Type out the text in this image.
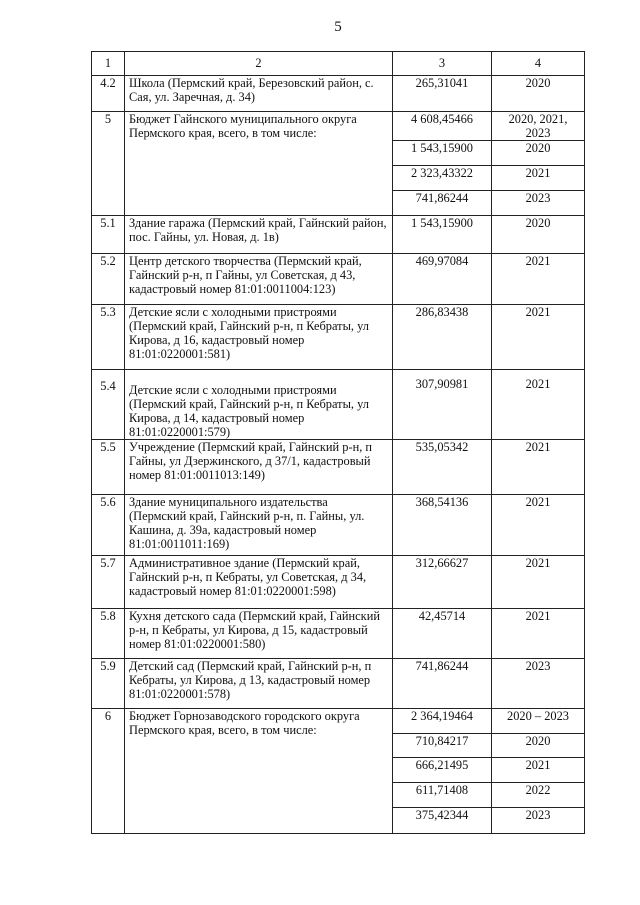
5
1	2	3	4
4.2	Школа (Пермский край, Березовский район, с. Сая, ул. Заречная, д. 34)	265,31041	2020
5	Бюджет Гайнского муниципального округа Пермского края, всего, в том числе:	4 608,45466	2020, 2021, 2023
		1 543,15900	2020
		2 323,43322	2021
		741,86244	2023
5.1	Здание гаража (Пермский край, Гайнский район, пос. Гайны, ул. Новая, д. 1в)	1 543,15900	2020
5.2	Центр детского творчества (Пермский край, Гайнский р-н, п Гайны, ул Советская, д 43, кадастровый номер 81:01:0011004:123)	469,97084	2021
5.3	Детские ясли с холодными пристроями (Пермский край, Гайнский р-н, п Кебраты, ул Кирова, д 16, кадастровый номер 81:01:0220001:581)	286,83438	2021
5.4	Детские ясли с холодными пристроями (Пермский край, Гайнский р-н, п Кебраты, ул Кирова, д 14, кадастровый номер 81:01:0220001:579)	307,90981	2021
5.5	Учреждение (Пермский край, Гайнский р-н, п Гайны, ул Дзержинского, д 37/1, кадастровый номер 81:01:0011013:149)	535,05342	2021
5.6	Здание муниципального издательства (Пермский край, Гайнский р-н, п. Гайны, ул. Кашина, д. 39а, кадастровый номер 81:01:0011011:169)	368,54136	2021
5.7	Административное здание (Пермский край, Гайнский р-н, п Кебраты, ул Советская, д 34, кадастровый номер 81:01:0220001:598)	312,66627	2021
5.8	Кухня детского сада (Пермский край, Гайнский р-н, п Кебраты, ул Кирова, д 15, кадастровый номер 81:01:0220001:580)	42,45714	2021
5.9	Детский сад (Пермский край, Гайнский р-н, п Кебраты, ул Кирова, д 13, кадастровый номер 81:01:0220001:578)	741,86244	2023
6	Бюджет Горнозаводского городского округа Пермского края, всего, в том числе:	2 364,19464	2020 – 2023
		710,84217	2020
		666,21495	2021
		611,71408	2022
		375,42344	2023
